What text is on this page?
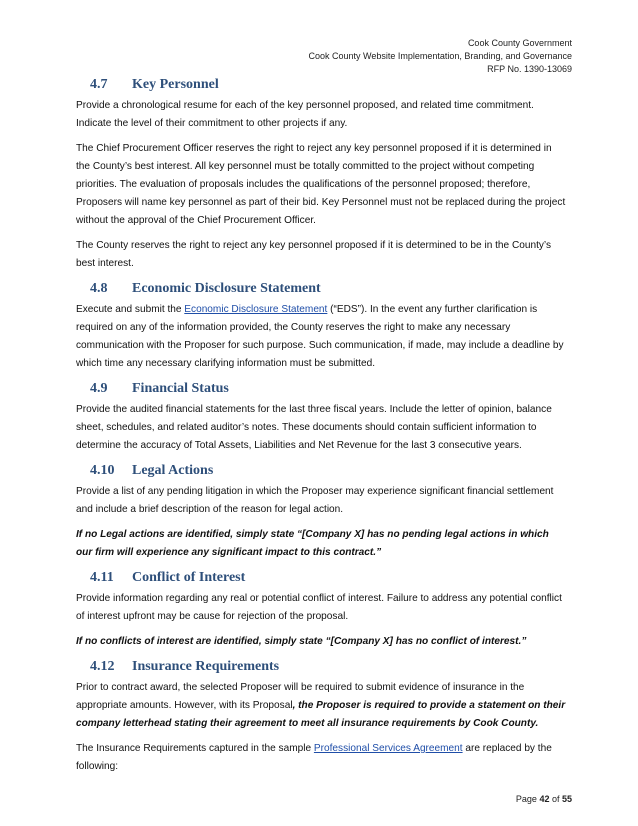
Cook County Government
Cook County Website Implementation, Branding, and Governance
RFP No. 1390-13069
4.7 Key Personnel

Provide a chronological resume for each of the key personnel proposed, and related time commitment. Indicate the level of their commitment to other projects if any.

The Chief Procurement Officer reserves the right to reject any key personnel proposed if it is determined in the County’s best interest. All key personnel must be totally committed to the project without competing priorities. The evaluation of proposals includes the qualifications of the personnel proposed; therefore, Proposers will name key personnel as part of their bid. Key Personnel must not be replaced during the project without the approval of the Chief Procurement Officer.

The County reserves the right to reject any key personnel proposed if it is determined to be in the County’s best interest.

4.8 Economic Disclosure Statement

Execute and submit the Economic Disclosure Statement (“EDS”). In the event any further clarification is required on any of the information provided, the County reserves the right to make any necessary communication with the Proposer for such purpose. Such communication, if made, may include a deadline by which time any necessary clarifying information must be submitted.

4.9 Financial Status

Provide the audited financial statements for the last three fiscal years. Include the letter of opinion, balance sheet, schedules, and related auditor’s notes. These documents should contain sufficient information to determine the accuracy of Total Assets, Liabilities and Net Revenue for the last 3 consecutive years.

4.10 Legal Actions

Provide a list of any pending litigation in which the Proposer may experience significant financial settlement and include a brief description of the reason for legal action.

If no Legal actions are identified, simply state “[Company X] has no pending legal actions in which our firm will experience any significant impact to this contract.”

4.11 Conflict of Interest

Provide information regarding any real or potential conflict of interest. Failure to address any potential conflict of interest upfront may be cause for rejection of the proposal.

If no conflicts of interest are identified, simply state “[Company X] has no conflict of interest.”

4.12 Insurance Requirements

Prior to contract award, the selected Proposer will be required to submit evidence of insurance in the appropriate amounts. However, with its Proposal, the Proposer is required to provide a statement on their company letterhead stating their agreement to meet all insurance requirements by Cook County.

The Insurance Requirements captured in the sample Professional Services Agreement are replaced by the following:

Page 42 of 55
